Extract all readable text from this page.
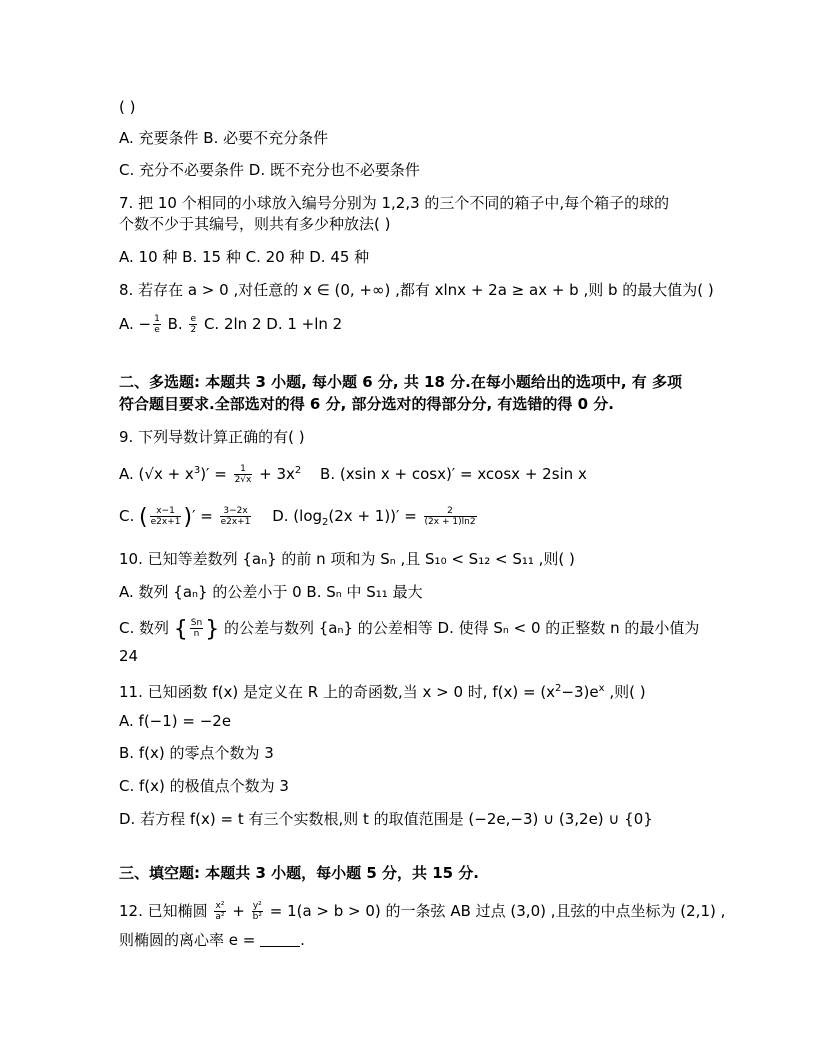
( )
A. 充要条件 B. 必要不充分条件
C. 充分不必要条件 D. 既不充分也不必要条件
7. 把 10 个相同的小球放入编号分别为 1,2,3 的三个不同的箱子中,每个箱子的球的
个数不少于其编号，则共有多少种放法( )
A. 10 种 B. 15 种 C. 20 种 D. 45 种
8. 若存在 a > 0 ,对任意的 x ∈ (0, +∞) ,都有 xlnx + 2a ≥ ax + b ,则 b 的最大值为( )
A. − $\frac{1}{e} B$. $\frac{e}{2} C$. 2ln 2 D. 1 +ln 2
二、多选题: 本题共 3 小题, 每小题 6 分, 共 18 分.在每小题给出的选项中, 有 多项
符合题目要求.全部选对的得 6 分, 部分选对的得部分分, 有选错的得 0 分.
9. 下列导数计算正确的有( )
A. $(√x + x^3)' = \frac{1}{2√x} + 3x^2$ B. (xsin x + cosx)′ = xcosx + 2sin x
C. ( $\frac{x-1}{e2x+1}$ )′ = $\frac{3-2x}{e2x+1} D$. $(\log_2(2x + 1))' = \frac{2}{(2x + 1)\ln 2}$
10. 已知等差数列 {aₙ} 的前 n 项和为 Sₙ ,且 S₁₀ < S₁₂ < S₁₁ ,则( )
A. 数列 {aₙ} 的公差小于 0 B. Sₙ 中 S₁₁ 最大
C. 数列 { $\frac{Sn}{n}$ } 的公差与数列 {aₙ} 的公差相等 D. 使得 Sₙ < 0 的正整数 n 的最小值为
24
11. 已知函数 f(x) 是定义在 R 上的奇函数,当 x > 0 时, $f(x) = (x^2-3)e^x$ ,则( )
A. f(−1) = −2e
B. f(x) 的零点个数为 3
C. f(x) 的极值点个数为 3
D. 若方程 f(x) = t 有三个实数根,则 t 的取值范围是 (−2e,−3) ∪ (3,2e) ∪ {0}
三、填空题: 本题共 3 小题，每小题 5 分，共 15 分.
12. 已知椭圆 $\frac{\text{x²}}{\text{a²}} + \frac{\text{y²}}{\text{b²}} = 1(a > b > 0)$ 的一条弦 AB 过点 (3,0) ,且弦的中点坐标为 (2,1) ,
则椭圆的离心率 e =	.
